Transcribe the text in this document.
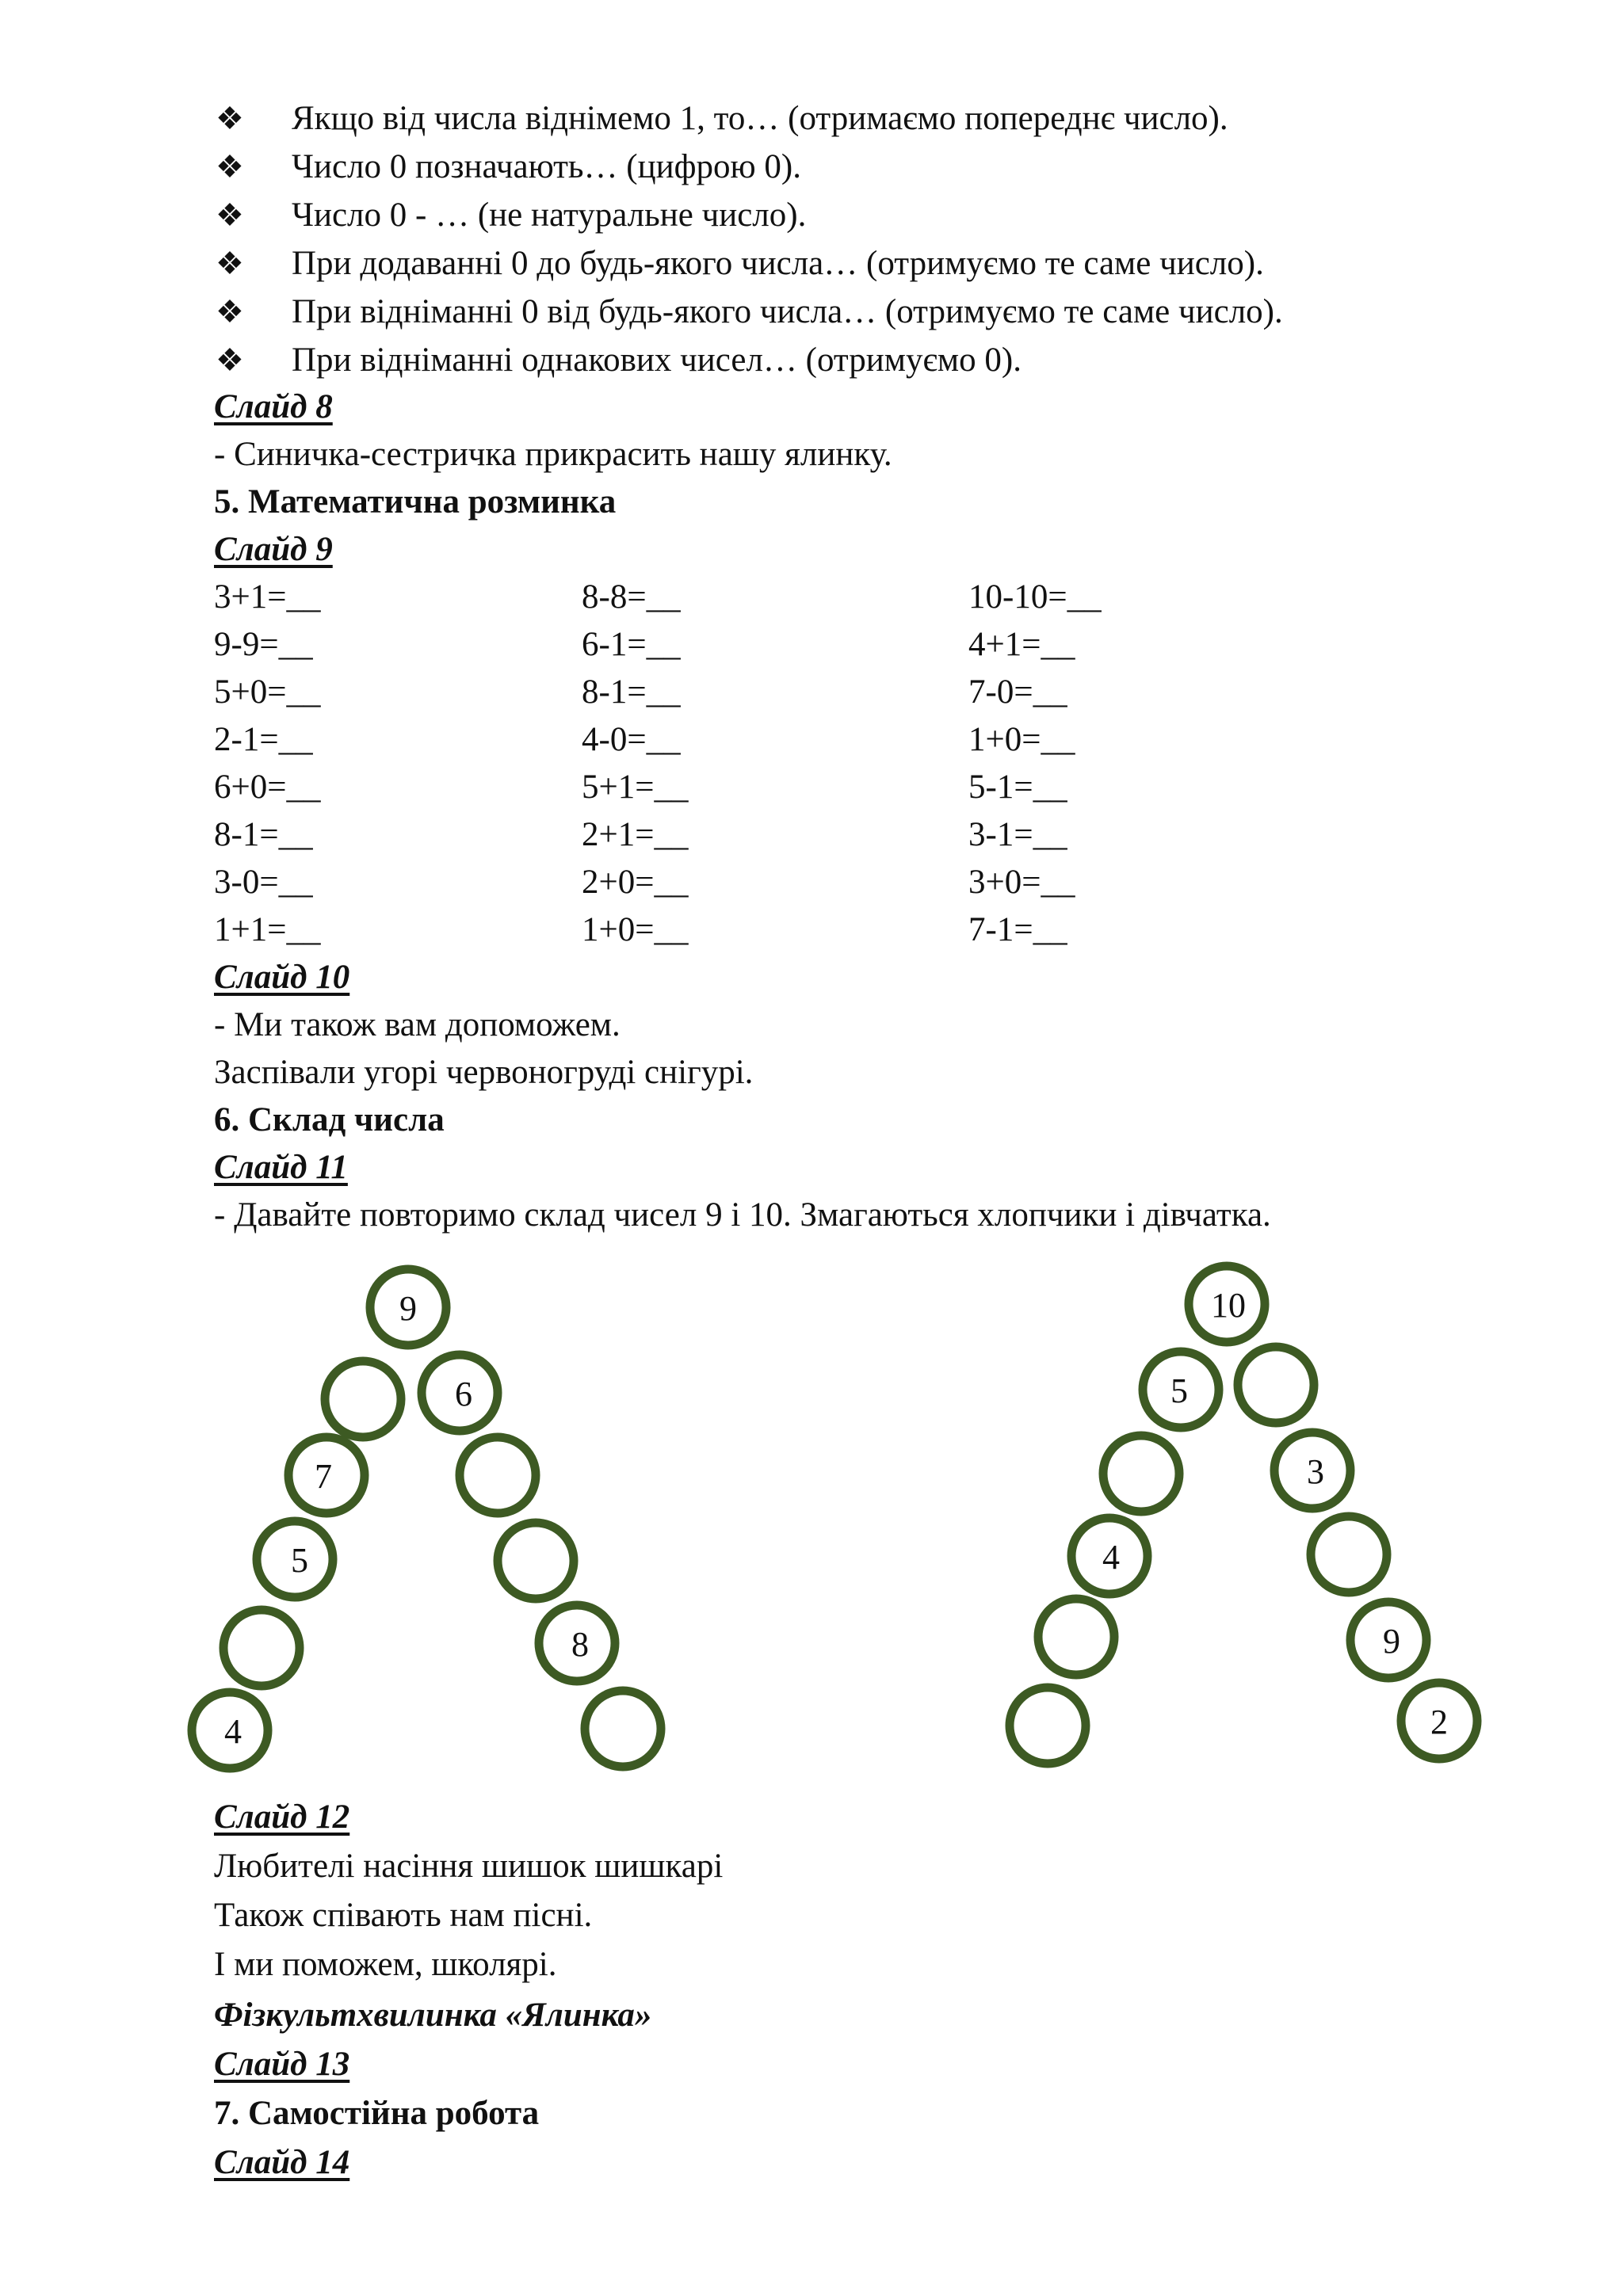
❖ Якщо від числа віднімемо 1, то… (отримаємо попереднє число).
❖ Число 0 позначають… (цифрою 0).
❖ Число 0 - … (не натуральне число).
❖ При додаванні 0 до будь-якого числа… (отримуємо те саме число).
❖ При відніманні 0 від будь-якого числа… (отримуємо те саме число).
❖ При відніманні однакових чисел… (отримуємо 0).
Слайд 8
- Синичка-сестричка прикрасить нашу ялинку.
5. Математична розминка
Слайд 9
3+1=__
9-9=__
5+0=__
2-1=__
6+0=__
8-1=__
3-0=__
1+1=__
8-8=__
6-1=__
8-1=__
4-0=__
5+1=__
2+1=__
2+0=__
1+0=__
10-10=__
4+1=__
7-0=__
1+0=__
5-1=__
3-1=__
3+0=__
7-1=__
Слайд 10
- Ми також вам допоможем.
Заспівали угорі червоногруді снігурі.
6. Склад числа
Слайд 11
- Давайте повторимо склад чисел 9 і 10. Змагаються хлопчики і дівчатка.
9
6
7
5
8
4
10
5
3
4
9
2
Слайд 12
Любителі насіння шишок шишкарі
Також співають нам пісні.
І ми поможем, школярі.
Фізкультхвилинка «Ялинка»
Слайд 13
7. Самостійна робота
Слайд 14
